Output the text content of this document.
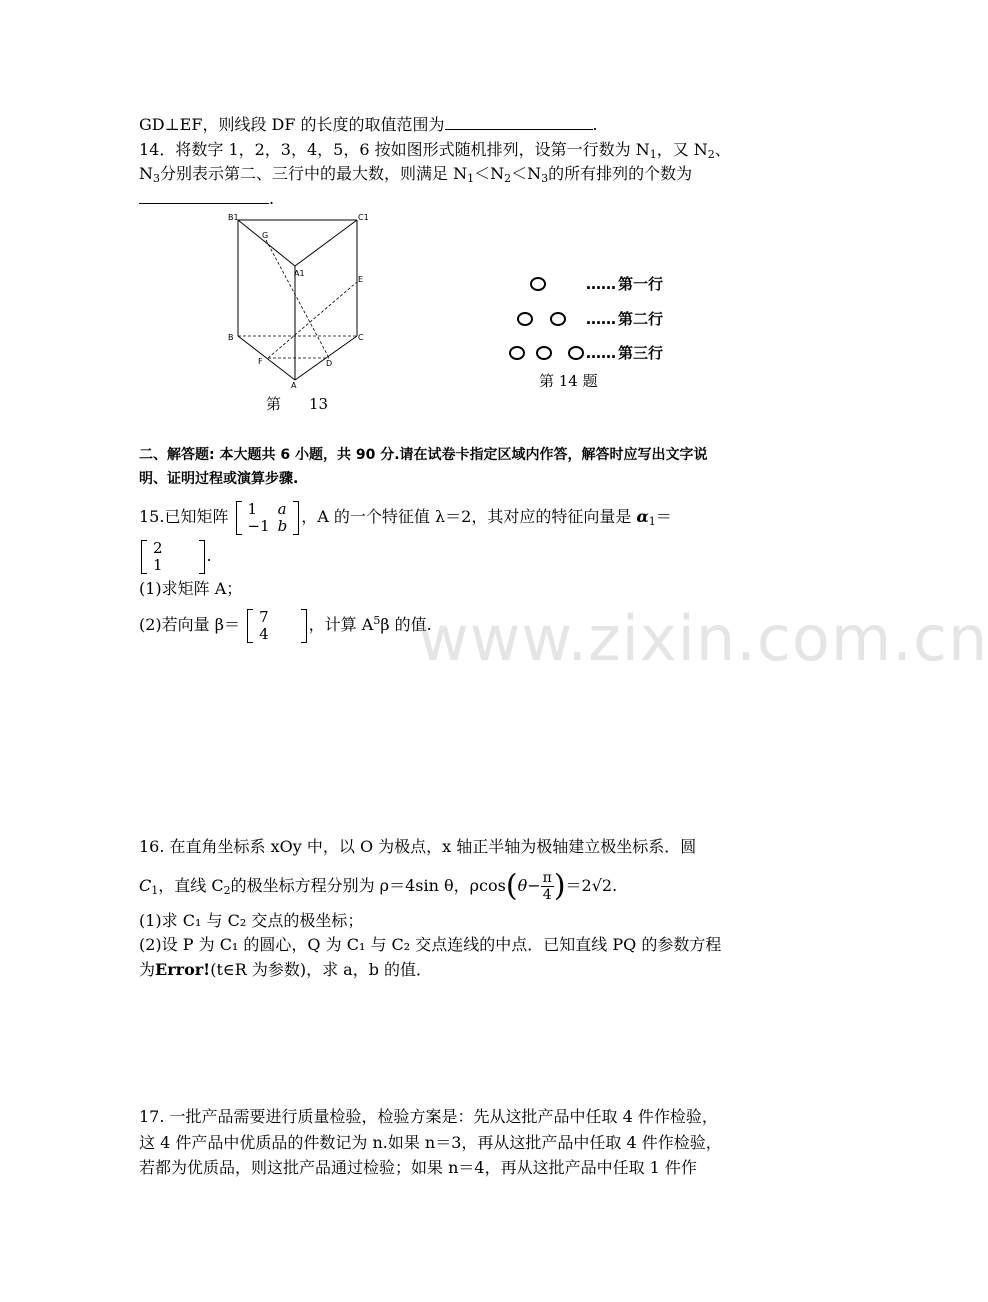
GD⊥EF，则线段 DF 的长度的取值范围为	.
14．将数字 1，2，3，4，5，6 按如图形式随机排列，设第一行数为 $N_1$，又 $N_2$、
$N_3$分别表示第二、三行中的最大数，则满足 $N_1<N_2<N_3$的所有排列的个数为
.
B1	C1
G
A1
E
B	C
F	D
A
第 13
…… 第一行
…… 第二行
…… 第三行
第 14 题
二、解答题: 本大题共 6 小题，共 90 分.请在试卷卡指定区域内作答，解答时应写出文字说
明、证明过程或演算步骤.
15.已知矩阵 1	a
−1	b ，A 的一个特征值 λ＝2，其对应的特征向量是 $\alpha_1=$
2
1	.
(1)求矩阵 A；
(2)若向量 β＝ 7
4	，计算 $A^5\beta$ 的值.
www.zixin.com.cn
16. 在直角坐标系 xOy 中，以 O 为极点，x 轴正半轴为极轴建立极坐标系．圆
$C_1$，直线 $C_2$的极坐标方程分别为 ρ＝4sin θ，$\rho\cos(\theta- \frac{\pi}{4} )=2√2$.
(1)求 C₁ 与 C₂ 交点的极坐标；
(2)设 P 为 C₁ 的圆心，Q 为 C₁ 与 C₂ 交点连线的中点．已知直线 PQ 的参数方程
为Error!(t∈R 为参数)，求 a，b 的值．
17. 一批产品需要进行质量检验，检验方案是：先从这批产品中任取 4 件作检验，
这 4 件产品中优质品的件数记为 n.如果 n＝3，再从这批产品中任取 4 件作检验，
若都为优质品，则这批产品通过检验；如果 n＝4，再从这批产品中任取 1 件作
